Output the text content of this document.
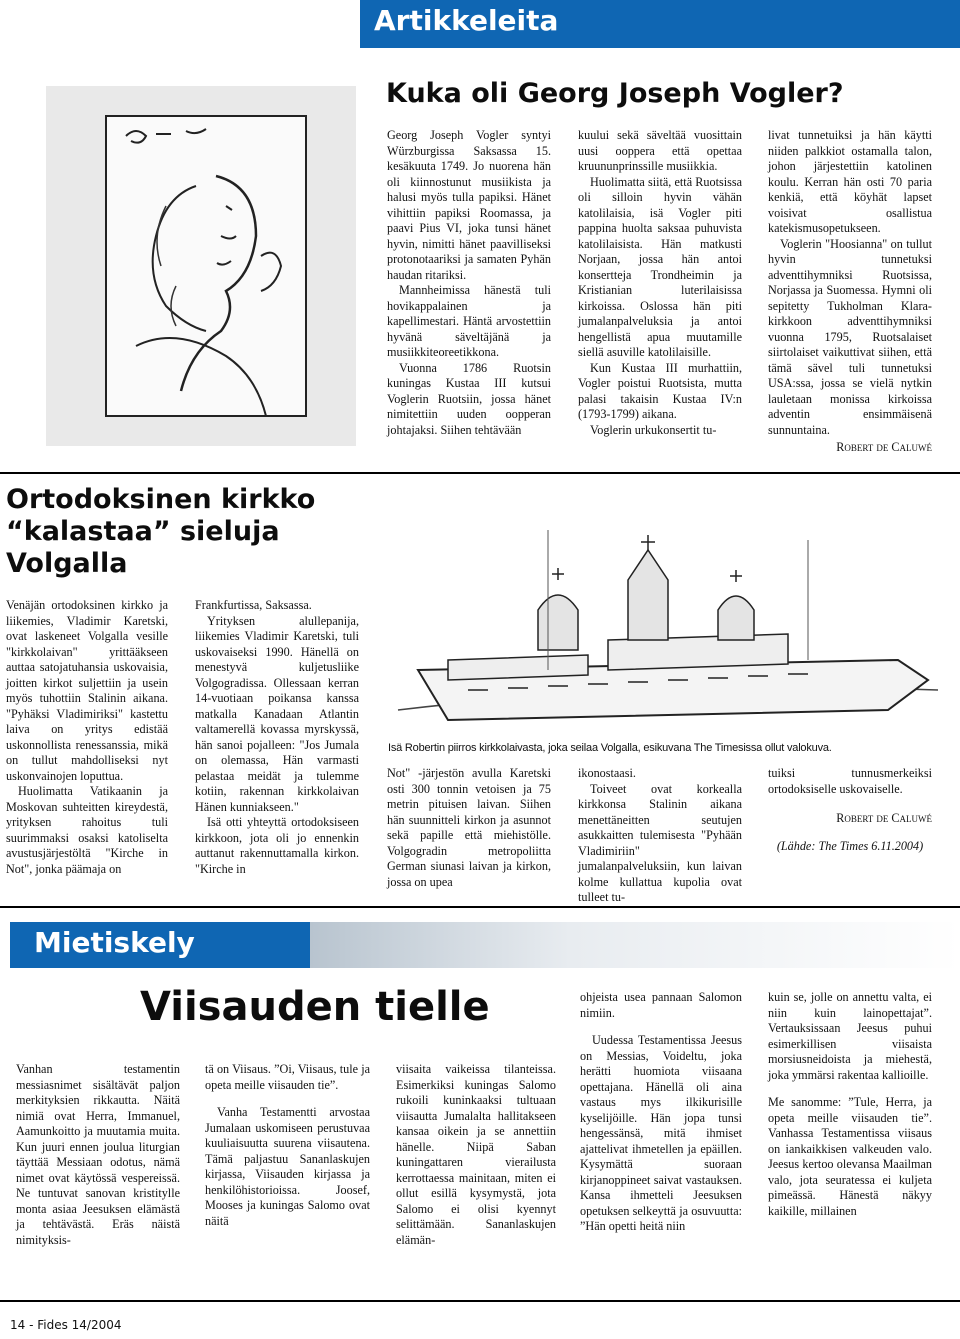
Artikkeleita
Kuka oli Georg Joseph Vogler?

Georg Joseph Vogler syntyi Würzburgissa Saksassa 15. kesäkuuta 1749. Jo nuorena hän oli kiinnostunut musiikista ja halusi myös tulla papiksi. Hänet vihittiin papiksi Roomassa, ja paavi Pius VI, joka tunsi hänet hyvin, nimitti hänet paavilliseksi protonotaariksi ja samaten Pyhän haudan ritariksi.

Mannheimissa hänestä tuli hovikappalainen ja kapellimestari. Häntä arvostettiin hyvänä säveltäjänä ja musiikkiteoreetikkona.

Vuonna 1786 Ruotsin kuningas Kustaa III kutsui Voglerin Ruotsiin, jossa hänet nimitettiin uuden oopperan johtajaksi. Siihen tehtävään

kuului sekä säveltää vuosittain uusi ooppera että opettaa kruununprinssille musiikkia.

Huolimatta siitä, että Ruotsissa oli silloin hyvin vähän katolilaisia, isä Vogler piti pappina huolta saksaa puhuvista katolilaisista. Hän matkusti Norjaan, jossa hän antoi konsertteja Trondheimin ja Kristianian luterilaisissa kirkoissa. Oslossa hän piti jumalanpalveluksia ja antoi hengellistä apua muutamille siellä asuville katolilaisille.

Kun Kustaa III murhattiin, Vogler poistui Ruotsista, mutta palasi takaisin Kustaa IV:n (1793-1799) aikana.

Voglerin urkukonsertit tu-

livat tunnetuiksi ja hän käytti niiden palkkiot ostamalla talon, johon järjestettiin katolinen koulu. Kerran hän osti 70 paria kenkiä, että köyhät lapset voisivat osallistua katekismusopetukseen.

Voglerin "Hoosianna" on tullut hyvin tunnetuksi adventtihymniksi Ruotsissa, Norjassa ja Suomessa. Hymni oli sepitetty Tukholman Klara-kirkkoon adventtihymniksi vuonna 1795, Ruotsalaiset siirtolaiset vaikuttivat siihen, että tämä sävel tuli tunnetuksi USA:ssa, jossa se vielä nytkin lauletaan monissa kirkoissa adventin ensimmäisenä sunnuntaina.

Robert de Caluwé
Ortodoksinen kirkko “kalastaa” sieluja Volgalla

Venäjän ortodoksinen kirkko ja liikemies, Vladimir Karetski, ovat laskeneet Volgalla vesille "kirkkolaivan" yrittääkseen auttaa satojatuhansia uskovaisia, joitten kirkot suljettiin ja usein myös tuhottiin Stalinin aikana. "Pyhäksi Vladimiriksi" kastettu laiva on yritys edistää uskonnollista renessanssia, mikä on tullut mahdolliseksi nyt uskonvainojen loputtua.

Huolimatta Vatikaanin ja Moskovan suhteitten kireydestä, yrityksen rahoitus tuli suurimmaksi osaksi katoliselta avustusjärjestöltä "Kirche in Not", jonka päämaja on

Frankfurtissa, Saksassa.

Yrityksen alullepanija, liikemies Vladimir Karetski, tuli uskovaiseksi 1990. Hänellä on menestyvä kuljetusliike Volgogradissa. Ollessaan kerran 14-vuotiaan poikansa kanssa matkalla Kanadaan Atlantin valtamerellä kovassa myrskyssä, hän sanoi pojalleen: "Jos Jumala on olemassa, Hän varmasti pelastaa meidät ja tulemme kotiin, rakennan kirkkolaivan Hänen kunniakseen."

Isä otti yhteyttä ortodoksiseen kirkkoon, jota oli jo ennenkin auttanut rakennuttamalla kirkon. "Kirche in

Isä Robertin piirros kirkkolaivasta, joka seilaa Volgalla, esikuvana The Timesissa ollut valokuva.

Not" -järjestön avulla Karetski osti 300 tonnin vetoisen ja 75 metrin pituisen laivan. Siihen hän suunnitteli kirkon ja asunnot sekä papille että miehistölle. Volgogradin metropoliitta German siunasi laivan ja kirkon, jossa on upea

ikonostaasi.

Toiveet ovat korkealla kirkkonsa Stalinin aikana menettäneitten seutujen asukkaitten tulemisesta "Pyhään Vladimiriin" jumalanpalveluksiin, kun laivan kolme kullattua kupolia ovat tulleet tu-

tuiksi tunnusmerkeiksi ortodoksiselle uskovaiselle.

Robert de Caluwé
(Lähde: The Times 6.11.2004)
Mietiskely
Viisauden tielle

Vanhan testamentin messiasnimet sisältävät paljon merkityksien rikkautta. Näitä nimiä ovat Herra, Immanuel, Aamunkoitto ja muutamia muita. Kun juuri ennen joulua liturgian täyttää Messiaan odotus, nämä nimet ovat käytössä vespereissä. Ne tuntuvat sanovan kristitylle monta asiaa Jeesuksen elämästä ja tehtävästä. Eräs näistä nimityksis-

tä on Viisaus. ”Oi, Viisaus, tule ja opeta meille viisauden tie”.

Vanha Testamentti arvostaa Jumalaan uskomiseen perustuvaa kuuliaisuutta suurena viisautena. Tämä paljastuu Sananlaskujen kirjassa, Viisauden kirjassa ja henkilöhistorioissa. Joosef, Mooses ja kuningas Salomo ovat näitä

viisaita vaikeissa tilanteissa. Esimerkiksi kuningas Salomo rukoili kuninkaaksi tultuaan viisautta Jumalalta hallitakseen kansaa oikein ja se annettiin hänelle. Niipä Saban kuningattaren vierailusta kerrottaessa mainitaan, miten ei ollut esillä kysymystä, jota Salomo ei olisi kyennyt selittämään. Sananlaskujen elämän-

ohjeista usea pannaan Salomon nimiin.

Uudessa Testamentissa Jeesus on Messias, Voideltu, joka herätti huomiota viisaana opettajana. Hänellä oli aina vastaus mys ilkikurisille kyselijöille. Hän jopa tunsi hengessänsä, mitä ihmiset ajattelivat ihmetellen ja epäillen. Kysymättä suoraan kirjanoppineet saivat vastauksen. Kansa ihmetteli Jeesuksen opetuksen selkeyttä ja osuvuutta: ”Hän opetti heitä niin

kuin se, jolle on annettu valta, ei niin kuin lainopettajat”. Vertauksissaan Jeesus puhui esimerkillisen viisaista morsiusneidoista ja miehestä, joka ymmärsi rakentaa kallioille.

Me sanomme: ”Tule, Herra, ja opeta meille viisauden tie”. Vanhassa Testamentissa viisaus on iankaikkisen valkeuden valo. Jeesus kertoo olevansa Maailman valo, jota seuratessa ei kuljeta pimeässä. Hänestä näkyy kaikille, millainen

14 - Fides 14/2004
